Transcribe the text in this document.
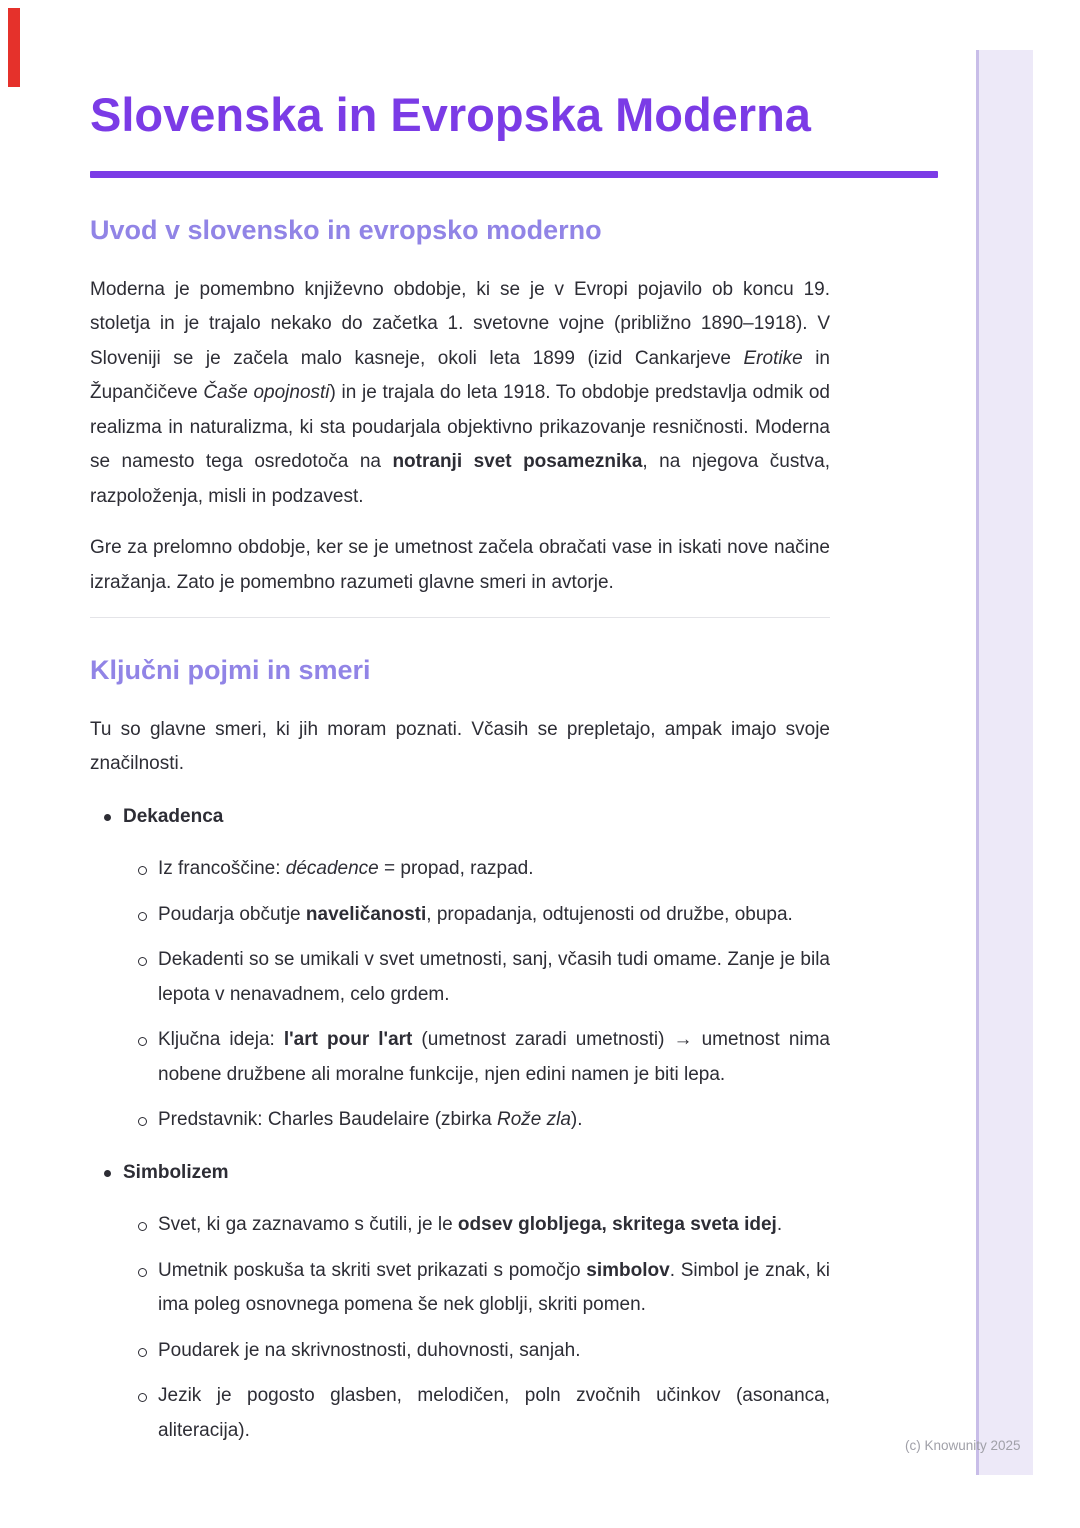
Slovenska in Evropska Moderna
Uvod v slovensko in evropsko moderno

Moderna je pomembno književno obdobje, ki se je v Evropi pojavilo ob koncu 19. stoletja in je trajalo nekako do začetka 1. svetovne vojne (približno 1890–1918). V Sloveniji se je začela malo kasneje, okoli leta 1899 (izid Cankarjeve Erotike in Župančičeve Čaše opojnosti) in je trajala do leta 1918. To obdobje predstavlja odmik od realizma in naturalizma, ki sta poudarjala objektivno prikazovanje resničnosti. Moderna se namesto tega osredotoča na notranji svet posameznika, na njegova čustva, razpoloženja, misli in podzavest.

Gre za prelomno obdobje, ker se je umetnost začela obračati vase in iskati nove načine izražanja. Zato je pomembno razumeti glavne smeri in avtorje.

Ključni pojmi in smeri

Tu so glavne smeri, ki jih moram poznati. Včasih se prepletajo, ampak imajo svoje značilnosti.

Dekadenca
Iz francoščine: décadence = propad, razpad.
Poudarja občutje naveličanosti, propadanja, odtujenosti od družbe, obupa.
Dekadenti so se umikali v svet umetnosti, sanj, včasih tudi omame. Zanje je bila lepota v nenavadnem, celo grdem.
Ključna ideja: l'art pour l'art (umetnost zaradi umetnosti) → umetnost nima nobene družbene ali moralne funkcije, njen edini namen je biti lepa.
Predstavnik: Charles Baudelaire (zbirka Rože zla).
Simbolizem
Svet, ki ga zaznavamo s čutili, je le odsev globljega, skritega sveta idej.
Umetnik poskuša ta skriti svet prikazati s pomočjo simbolov. Simbol je znak, ki ima poleg osnovnega pomena še nek globlji, skriti pomen.
Poudarek je na skrivnostnosti, duhovnosti, sanjah.
Jezik je pogosto glasben, melodičen, poln zvočnih učinkov (asonanca, aliteracija).
(c) Knowunity 2025
